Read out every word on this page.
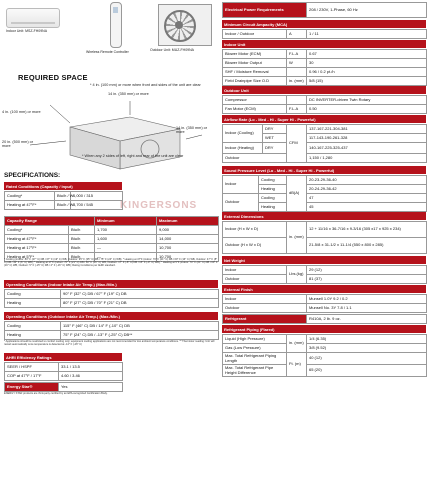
Indoor Unit: MSZ-FH09NA
Wireless Remote Controller	Outdoor Unit: MUZ-FH09NA
REQUIRED SPACE
* 4 in. (100 mm) or more when front and sides of the unit are clear
4 in. (100 mm) or more
14 in. (350 mm) or more
20 in. (500 mm) or more
14 in. (350 mm) or more
* When any 2 sides of left, right and rear of the unit are clear
SPECIFICATIONS:
KINGERSONS
Rated Conditions (Capacity / Input)
Cooling*	Btu/h / W	6,000 / 315
Heating at 47°F*	Btu/h / W	8,700 / 545
Capacity Range		Minimum	Maximum
Cooling*	Btu/h	1,700	9,000
Heating at 47°F*	Btu/h	1,600	14,000
Heating at 17°F*	Btu/h	—	10,700
Heating at 5°F*	Btu/h	—	10,700
* Cooling (indoor: 80° F (27° C) DB / 67° F (19° C) WB, Outdoor: 95° F (35° C) DB / 75° F (24° C) WB); * Heating at 47°F (indoor: 70° F (21° C) DB / 60° F (16° C) WB, Outdoor: 47° F (8° C) DB / 43° F (6° C) WB); * Heating at 17°F (indoor: 70° F (21° C) DB / 60° F (16° C) WB, Outdoor: 17° F (-8° C) DB / 15° F (-9° C) WB); * Heating at 5°F (indoor: 70° F (21° C) DB / 60° F (16° C) WB, Outdoor: 5° F (-15° C) DB / 4° F (-16° C) WB); Rating Conditions per AHRI standard.
Operating Conditions (Indoor Intake Air Temp.) (Max./Min.)
Cooling	90° F (32° C) DB / 67° F (19° C) DB
Heating	80° F (27° C) DB / 70° F (21° C) DB
Operating Conditions (Outdoor Intake Air Temp.) (Max./Min.)
Cooling	115° F (46° C) DB / 14° F (-10° C) DB
Heating	75° F (24° C) DB / -13° F (-25° C) DB**
* Applications should be restricted to comfort cooling only; equipment cooling applications are not recommended for low ambient temperature conditions. ** Thermistor reading: Unit will restart automatically once temperature is detected at -14° F (-26° C)
AHRI Efficiency Ratings
SEER / HSPF	33.1 / 13.5
COP at 47°F / 17°F	4.60 / 3.46
Energy Star®	Yes
ENERGY STAR products are third-party certified by an EPA-recognized Certification Body.
Electrical Power Requirements	208 / 230V, 1-Phase, 60 Hz
Minimum Circuit Ampacity (MCA)
Indoor / Outdoor	A	1 / 11
Indoor Unit
Blower Motor (ECM)	F.L.A	0.67
Blower Motor Output	W	30
SHF / Moisture Removal		0.96 / 0.2 pt./h
Field Drainpipe Size O.D	in. (mm)	5/8 (15)
Outdoor Unit
Compressor		DC INVERTER-driven Twin Rotary
Fan Motor (ECM)	F.L.A	0.50
Airflow Rate (Lo - Med - Hi - Super Hi - Powerful)
Indoor (Cooling)	DRY	CFM	137-167-221-304-381
	WET		117-143-190-261-328
Indoor (Heating)	DRY		140-167-225-325-437
Outdoor			1,150 / 1,280
Sound Pressure Level (Lo - Med - Hi - Super Hi - Powerful)
Indoor	Cooling	dB(A)	20-23-29-36-40
	Heating		20-24-29-36-42
Outdoor	Cooling		47
	Heating		45
External Dimensions
Indoor (H x W x D)	in. (mm)	12 + 11/16 x 36-7/16 x 9-3/16 (305 x17 x 925 x 234)
Outdoor (H x W x D)		21-5/8 x 31-1/2 x 11-1/4 (550 x 800 x 285)
Net Weight
Indoor	Lbs.(kg)	29 (12)
Outdoor		81 (37)
External Finish
Indoor	Munsell 1.0Y 9.2 / 0.2
Outdoor	Munsell No. 3Y 7.8 / 1.1
Refrigerant	R410A, 2 lb. 9 oz.
Refrigerant Piping (Flared)
Liquid (High Pressure)	in. (mm)	1/4 (6.35)
Gas (Low Pressure)		3/8 (9.52)
Max. Total Refrigerant Piping Length	Ft. (m)	40 (12)
Max. Total Refrigerant Pipe Height Difference		65 (20)
